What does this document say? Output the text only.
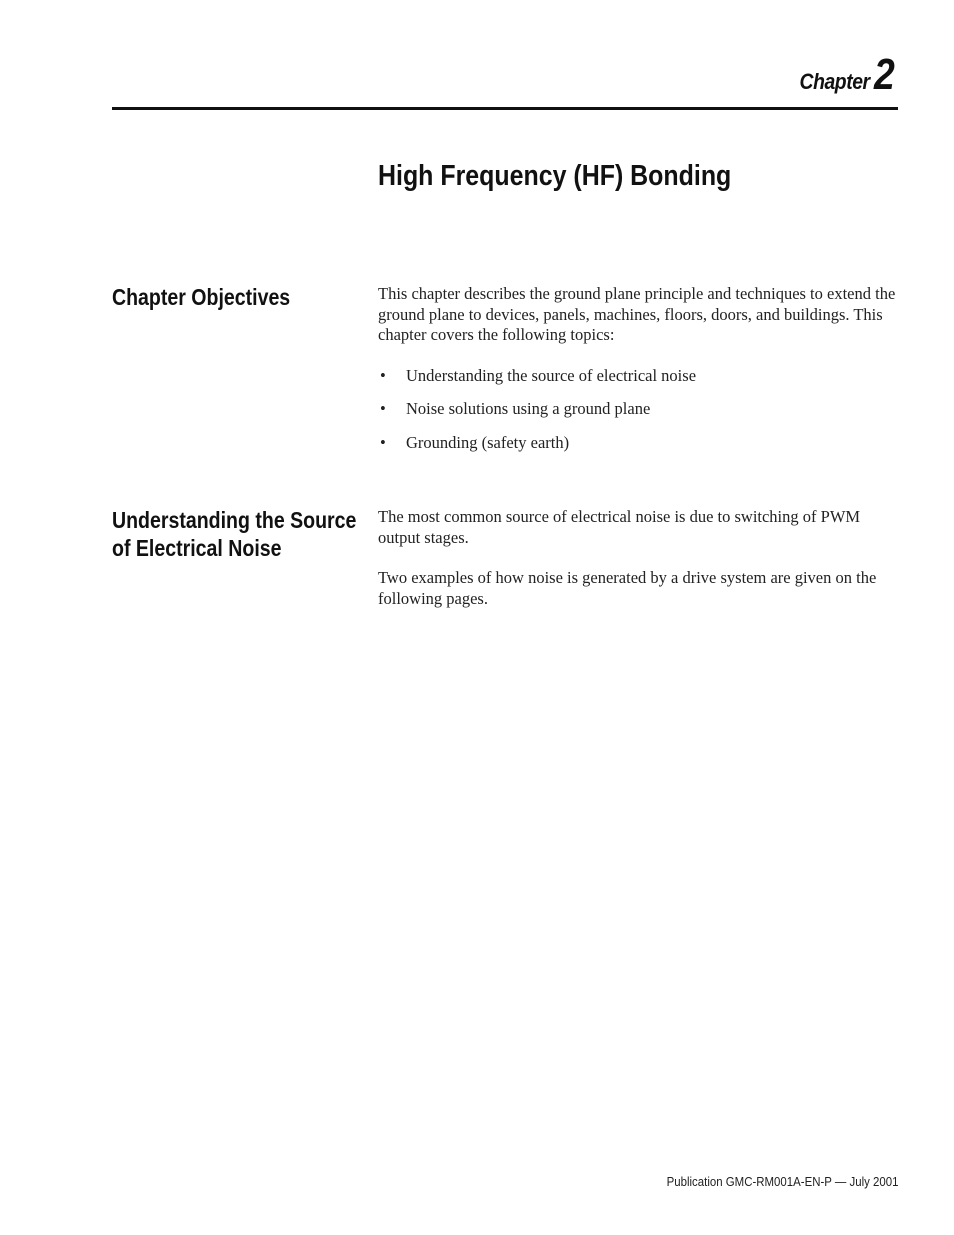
Chapter2
High Frequency (HF) Bonding
Chapter Objectives	This chapter describes the ground plane principle and techniques to extend the ground plane to devices, panels, machines, floors, doors, and buildings. This chapter covers the following topics:

• Understanding the source of electrical noise
• Noise solutions using a ground plane
• Grounding (safety earth)
Understanding the Source
of Electrical Noise

The most common source of electrical noise is due to switching of PWM output stages.

Two examples of how noise is generated by a drive system are given on the following pages.

Publication GMC-RM001A-EN-P — July 2001
